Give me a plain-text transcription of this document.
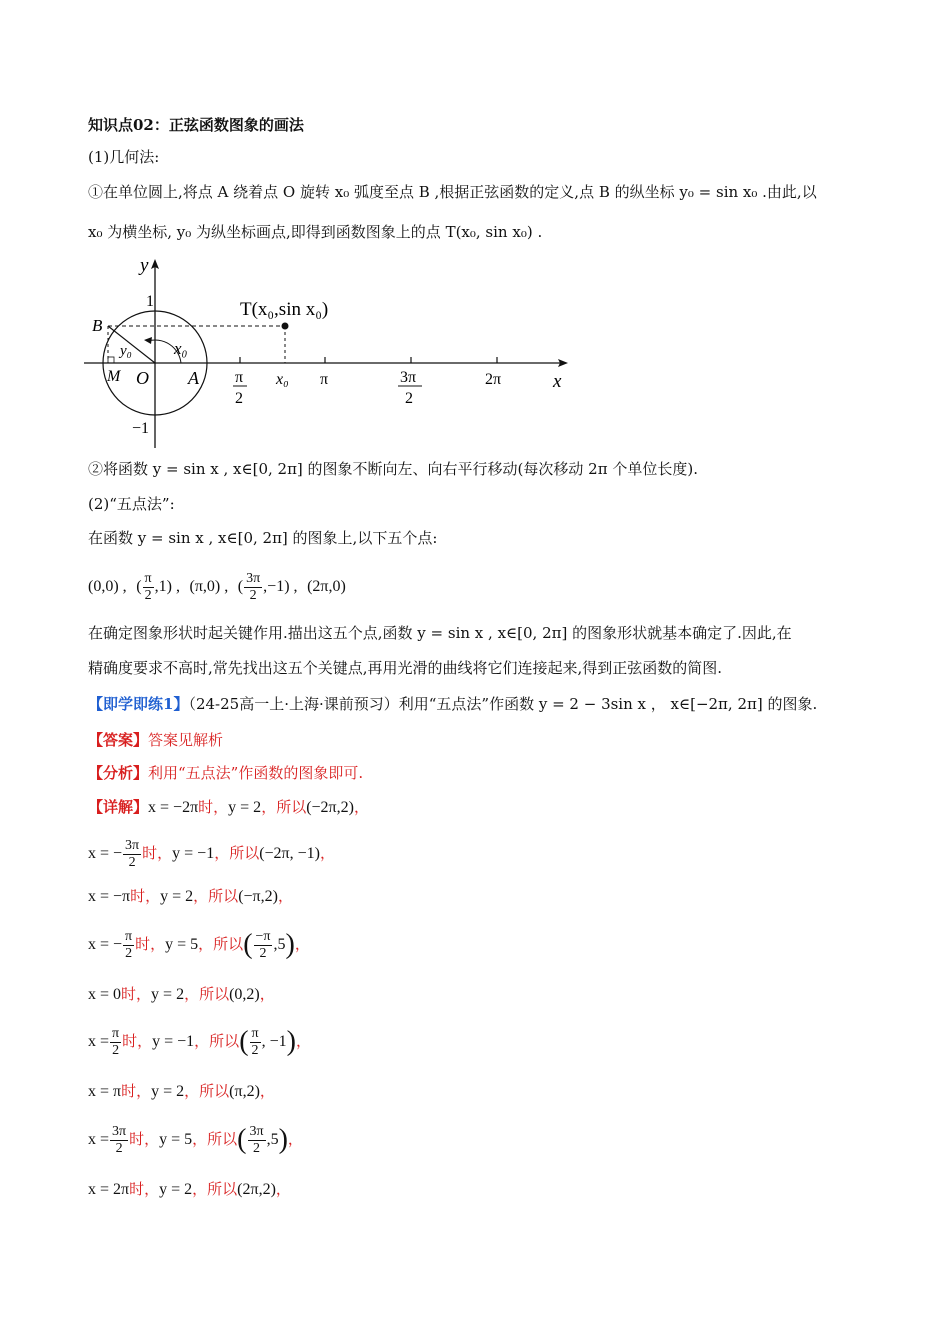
知识点02：正弦函数图象的画法
(1)几何法:
①在单位圆上,将点 A 绕着点 O 旋转 x₀ 弧度至点 B ,根据正弦函数的定义,点 B 的纵坐标 y₀ = sin x₀ .由此,以
x₀ 为横坐标, y₀ 为纵坐标画点,即得到函数图象上的点 T(x₀, sin x₀) .
y
x
T(x₀,sin x₀)
1
−1
B
y₀ x₀
M O A π
2
x₀ π	3π
2
2π
②将函数 y = sin x , x∈[0, 2π] 的图象不断向左、向右平行移动(每次移动 2π 个单位长度).
(2)“五点法”:
在函数 y = sin x , x∈[0, 2π] 的图象上,以下五个点:
(0,0) , ( $\frac{\pi}{2} ,1$) , (π,0) , ( $\frac{3\pi}{2} ,-1$) , (2π,0)
在确定图象形状时起关键作用.描出这五个点,函数 y = sin x , x∈[0, 2π] 的图象形状就基本确定了.因此,在
精确度要求不高时,常先找出这五个关键点,再用光滑的曲线将它们连接起来,得到正弦函数的简图.
【即学即练1】（24-25高一上·上海·课前预习）利用“五点法”作函数 y = 2 − 3sin x ， x∈[−2π, 2π] 的图象.
【答案】答案见解析
【分析】利用“五点法”作函数的图象即可.
【详解】x = −2π时，y = 2，所以(−2π,2)，
x = − $\frac{3\pi}{2}$ 时，y = −1，所以(−2π, −1)，
x = −π时，y = 2，所以(−π,2)，
x = − $\frac{\pi}{2}$ 时，y = 5，所以( $\frac{-\pi}{2} ,5$)，
x = 0时，y = 2，所以(0,2)，
$x = \frac{\pi}{2}$ 时，y = −1，所以( $\frac{\pi}{2}$ , −1)，
x = π时，y = 2，所以(π,2)，
$x = \frac{3\pi}{2}$ 时，y = 5，所以( $\frac{3\pi}{2} ,5$)，
x = 2π时，y = 2，所以(2π,2)，
